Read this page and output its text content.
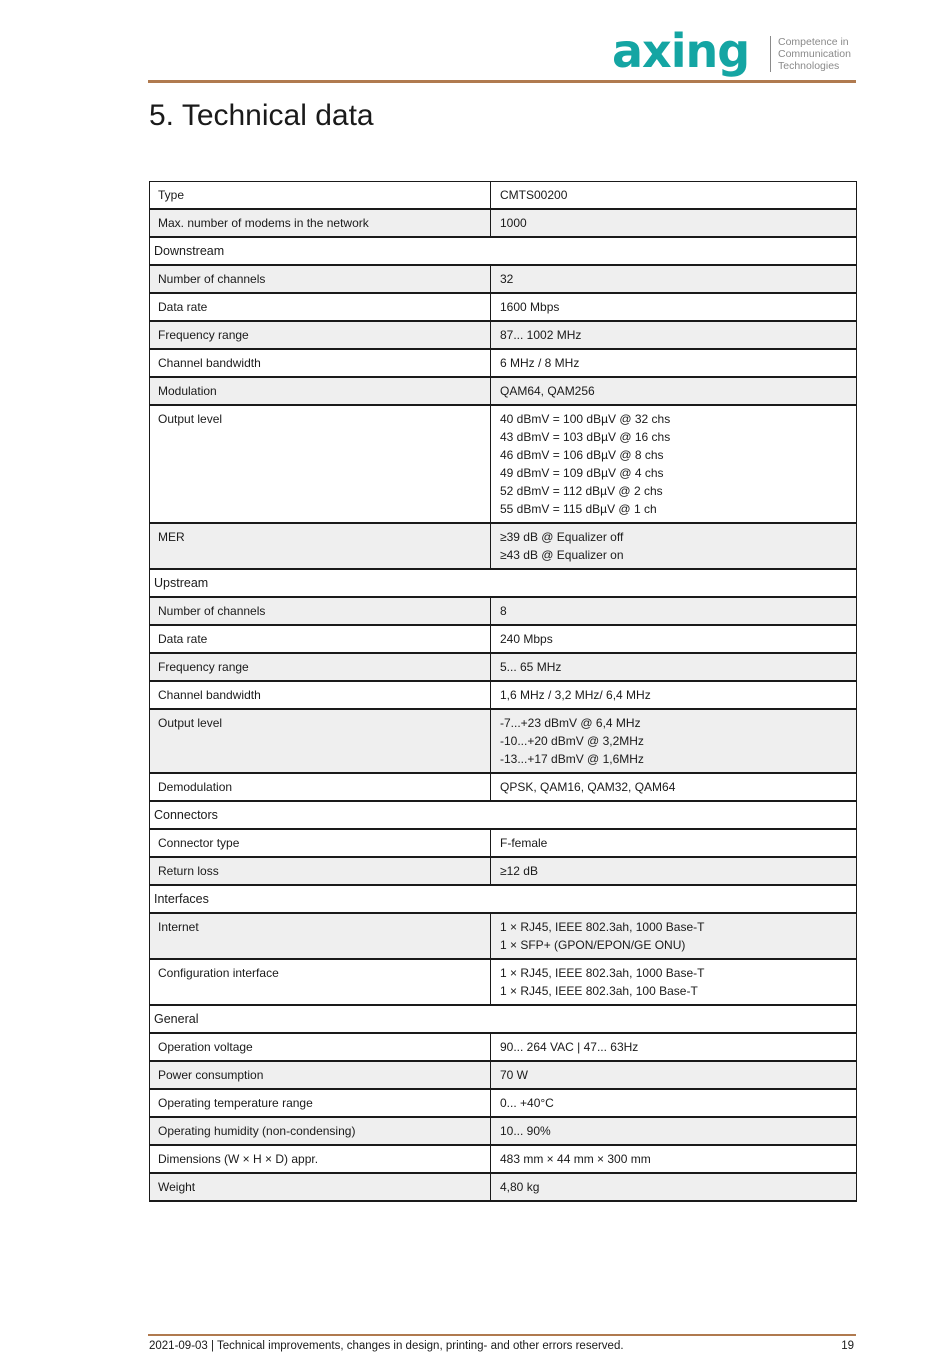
axing	Competence in
Communication
Technologies
5. Technical data
Type	CMTS00200
Max. number of modems in the network	1000
Downstream
Number of channels	32
Data rate	1600 Mbps
Frequency range	87... 1002 MHz
Channel bandwidth	6 MHz / 8 MHz
Modulation	QAM64, QAM256
Output level	40 dBmV = 100 dBµV @ 32 chs
43 dBmV = 103 dBµV @ 16 chs
46 dBmV = 106 dBµV @ 8 chs
49 dBmV = 109 dBµV @ 4 chs
52 dBmV = 112 dBµV @ 2 chs
55 dBmV = 115 dBµV @ 1 ch
MER	≥39 dB @ Equalizer off
≥43 dB @ Equalizer on
Upstream
Number of channels	8
Data rate	240 Mbps
Frequency range	5... 65 MHz
Channel bandwidth	1,6 MHz / 3,2 MHz/ 6,4 MHz
Output level	-7...+23 dBmV @ 6,4 MHz
-10...+20 dBmV @ 3,2MHz
-13...+17 dBmV @ 1,6MHz
Demodulation	QPSK, QAM16, QAM32, QAM64
Connectors
Connector type	F-female
Return loss	≥12 dB
Interfaces
Internet	1 × RJ45, IEEE 802.3ah, 1000 Base-T
1 × SFP+ (GPON/EPON/GE ONU)
Configuration interface	1 × RJ45, IEEE 802.3ah, 1000 Base-T
1 × RJ45, IEEE 802.3ah, 100 Base-T
General
Operation voltage	90... 264 VAC | 47... 63Hz
Power consumption	70 W
Operating temperature range	0... +40°C
Operating humidity (non-condensing)	10... 90%
Dimensions (W × H × D) appr.	483 mm × 44 mm × 300 mm
Weight	4,80 kg
2021-09-03 | Technical improvements, changes in design, printing- and other errors reserved.	19
